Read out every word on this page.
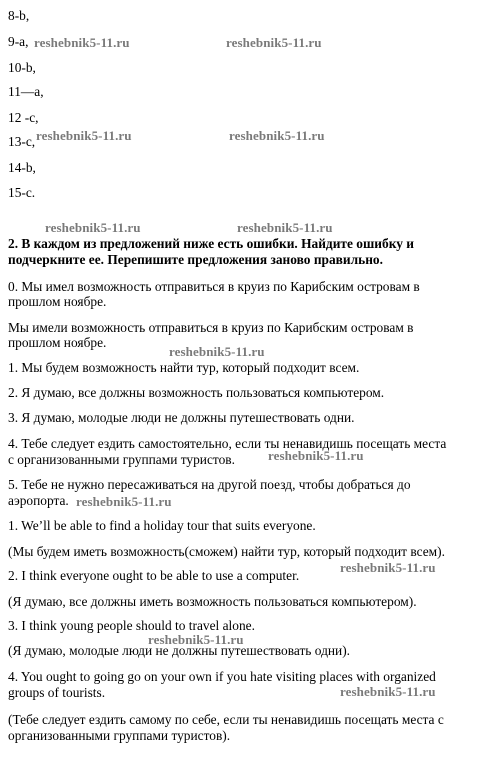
8-b,
9-a,
10-b,
11—a,
12 -c,
13-c,
14-b,
15-c.
2. В каждом из предложений ниже есть ошибки. Найдите ошибку и
подчеркните ее. Перепишите предложения заново правильно.
0. Мы имел возможность отправиться в круиз по Карибским островам в
прошлом ноябре.
Мы имели возможность отправиться в круиз по Карибским островам в
прошлом ноябре.
1. Мы будем возможность найти тур, который подходит всем.
2. Я думаю, все должны возможность пользоваться компьютером.
3. Я думаю, молодые люди не должны путешествовать одни.
4. Тебе следует ездить самостоятельно, если ты ненавидишь посещать места
с организованными группами туристов.
5. Тебе не нужно пересаживаться на другой поезд, чтобы добраться до
аэропорта.
1. We’ll be able to find a holiday tour that suits everyone.
(Мы будем иметь возможность(сможем) найти тур, который подходит всем).
2. I think everyone ought to be able to use a computer.
(Я думаю, все должны иметь возможность пользоваться компьютером).
3. I think young people should to travel alone.
(Я думаю, молодые люди не должны путешествовать одни).
4. You ought to going go on your own if you hate visiting places with organized
groups of tourists.
(Тебе следует ездить самому по себе, если ты ненавидишь посещать места с
организованными группами туристов).
reshebnik5-11.ru	reshebnik5-11.ru
reshebnik5-11.ru	reshebnik5-11.ru
reshebnik5-11.ru	reshebnik5-11.ru
reshebnik5-11.ru
reshebnik5-11.ru
reshebnik5-11.ru
reshebnik5-11.ru
reshebnik5-11.ru
reshebnik5-11.ru
